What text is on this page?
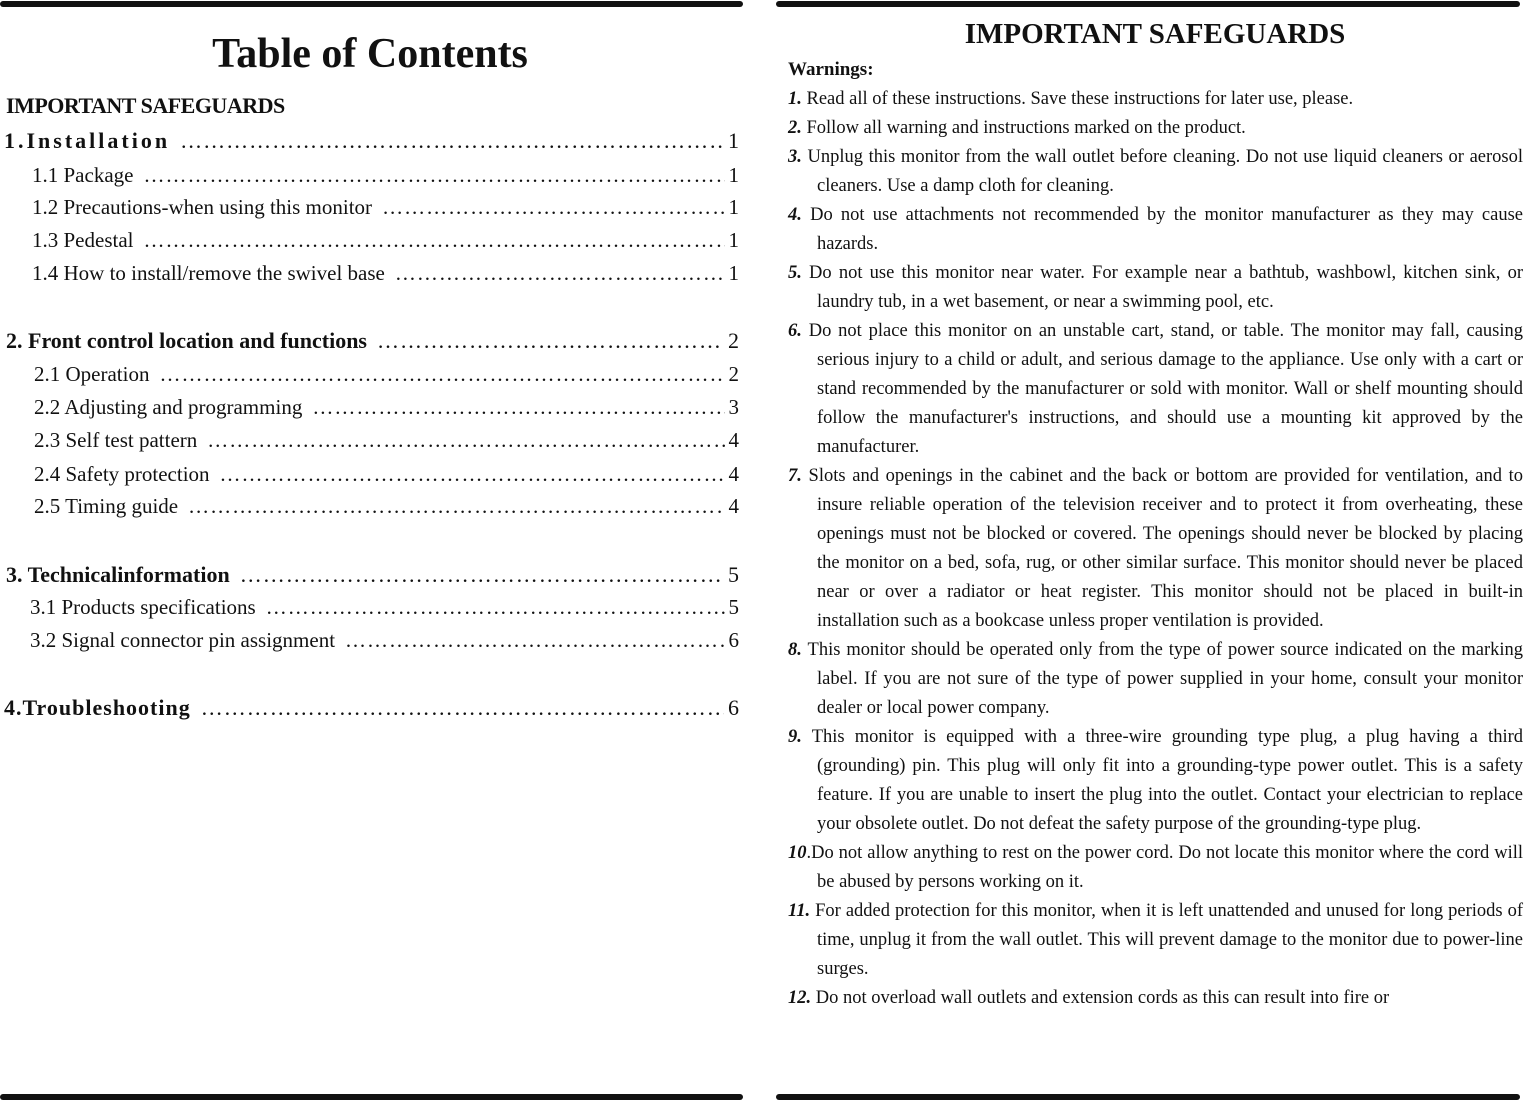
Table of Contents
IMPORTANT SAFEGUARDS
1.Installation …………………………………………………………………………………………………………………………………………	1
1.1 Package …………………………………………………………………………………………………………………………………………	1
1.2 Precautions-when using this monitor …………………………………………………………………………………………………………………………………………	1
1.3 Pedestal …………………………………………………………………………………………………………………………………………	1
1.4 How to install/remove the swivel base …………………………………………………………………………………………………………………………………………	1
2. Front control location and functions …………………………………………………………………………………………………………………………………………	2
2.1 Operation …………………………………………………………………………………………………………………………………………	2
2.2 Adjusting and programming …………………………………………………………………………………………………………………………………………	3
2.3 Self test pattern …………………………………………………………………………………………………………………………………………	4
2.4 Safety protection …………………………………………………………………………………………………………………………………………	4
2.5 Timing guide …………………………………………………………………………………………………………………………………………	4
3. Technicalinformation …………………………………………………………………………………………………………………………………………	5
3.1 Products specifications …………………………………………………………………………………………………………………………………………	5
3.2 Signal connector pin assignment …………………………………………………………………………………………………………………………………………	6
4.Troubleshooting …………………………………………………………………………………………………………………………………………	6
IMPORTANT SAFEGUARDS
Warnings:
1. Read all of these instructions. Save these instructions for later use, please.
2. Follow all warning and instructions marked on the product.
3. Unplug this monitor from the wall outlet before cleaning. Do not use liquid cleaners or aerosol cleaners. Use a damp cloth for cleaning.
4. Do not use attachments not recommended by the monitor manufacturer as they may cause hazards.
5. Do not use this monitor near water. For example near a bathtub, washbowl, kitchen sink, or laundry tub, in a wet basement, or near a swimming pool, etc.
6. Do not place this monitor on an unstable cart, stand, or table. The monitor may fall, causing serious injury to a child or adult, and serious damage to the appliance. Use only with a cart or stand recommended by the manufacturer or sold with monitor. Wall or shelf mounting should follow the manufacturer's instructions, and should use a mounting kit approved by the manufacturer.
7. Slots and openings in the cabinet and the back or bottom are provided for ventilation, and to insure reliable operation of the television receiver and to protect it from overheating, these openings must not be blocked or covered. The openings should never be blocked by placing the monitor on a bed, sofa, rug, or other similar surface. This monitor should never be placed near or over a radiator or heat register. This monitor should not be placed in built-in installation such as a bookcase unless proper ventilation is provided.
8. This monitor should be operated only from the type of power source indicated on the marking label. If you are not sure of the type of power supplied in your home, consult your monitor dealer or local power company.
9. This monitor is equipped with a three-wire grounding type plug, a plug having a third (grounding) pin. This plug will only fit into a grounding-type power outlet. This is a safety feature. If you are unable to insert the plug into the outlet. Contact your electrician to replace your obsolete outlet. Do not defeat the safety purpose of the grounding-type plug.
10.Do not allow anything to rest on the power cord. Do not locate this monitor where the cord will be abused by persons working on it.
11. For added protection for this monitor, when it is left unattended and unused for long periods of time, unplug it from the wall outlet. This will prevent damage to the monitor due to power-line surges.
12. Do not overload wall outlets and extension cords as this can result into fire or
